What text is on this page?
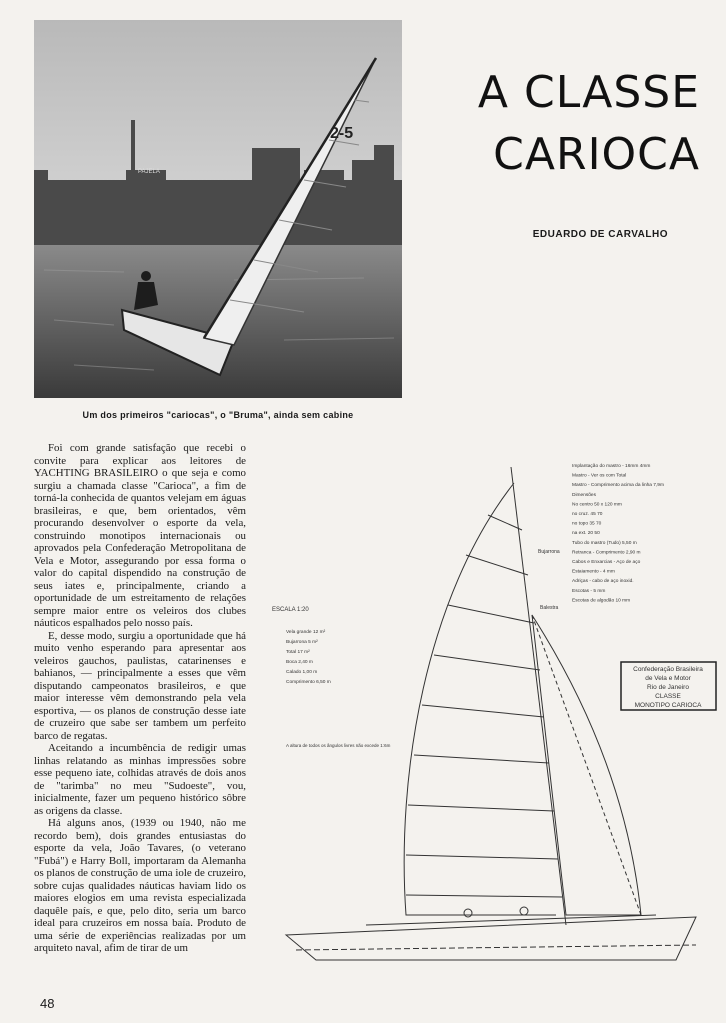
PAJELA
2-5
Um dos primeiros "cariocas", o "Bruma", ainda sem cabine
A CLASSE
CARIOCA
EDUARDO DE CARVALHO

Foi com grande satisfação que recebi o convite para explicar aos leitores de YACHTING BRASILEIRO o que seja e como surgiu a chamada classe "Carioca", a fim de torná-la conhecida de quantos velejam em águas brasileiras, e que, bem orientados, vêm procurando desenvolver o esporte da vela, construindo monotipos internacionais ou aprovados pela Confederação Metropolitana de Vela e Motor, assegurando por essa forma o valor do capital dispendido na construção de seus iates e, principalmente, criando a oportunidade de um estreitamento de relações sempre maior entre os veleiros dos clubes náuticos espalhados pelo nosso país.

E, desse modo, surgiu a oportunidade que há muito venho esperando para apresentar aos veleiros gauchos, paulistas, catarinenses e bahianos, — principalmente a esses que vêm disputando campeonatos brasileiros, e que maior interesse vêm demonstrando pela vela esportiva, — os planos de construção desse iate de cruzeiro que sabe ser tambem um perfeito barco de regatas.

Aceitando a incumbência de redigir umas linhas relatando as minhas impressões sobre esse pequeno iate, colhidas através de dois anos de "tarimba" no meu "Sudoeste", vou, inicialmente, fazer um pequeno histórico sôbre as origens da classe.

Há alguns anos, (1939 ou 1940, não me recordo bem), dois grandes entusiastas do esporte da vela, João Tavares, (o veterano "Fubá") e Harry Boll, importaram da Alemanha os planos de construção de uma iole de cruzeiro, sobre cujas qualidades náuticas haviam lido os maiores elogios em uma revista especializada daquêle país, e que, pelo dito, seria um barco ideal para cruzeiros em nossa baía. Produto de uma série de experiências realizadas por um arquiteto naval, afim de tirar de um

Confederação Brasileira
de Vela e Motor
Rio de Janeiro
CLASSE
MONOTIPO CARIOCA
ESCALA 1:20
Bujarrona
Balestra
Implantação do mastro - 16mm 4mm
Mastro - Ver os com Total
Mastro - Comprimento acima da linha 7,9m
Dimensões
No centro 50 x 120 mm
no cruz. 45 70
no topo 35 70
na ext. 20 50
Tubo do mastro (Tudo) 5,50 m
Retranca - Comprimento 2,90 m
Cabos e Enxarcias - Aço de aço
Estaiamento - 4 mm
Adriças - cabo de aço inoxid.
Escotas - 5 mm
Escotas de algodão 10 mm
Vela grande 12 m²
Bujarrona 5 m²
Total 17 m²
Boca 2,40 m
Calado 1,00 m
Comprimento 6,50 m
A altura de todos os ângulos livres não excede 1:6m
48
